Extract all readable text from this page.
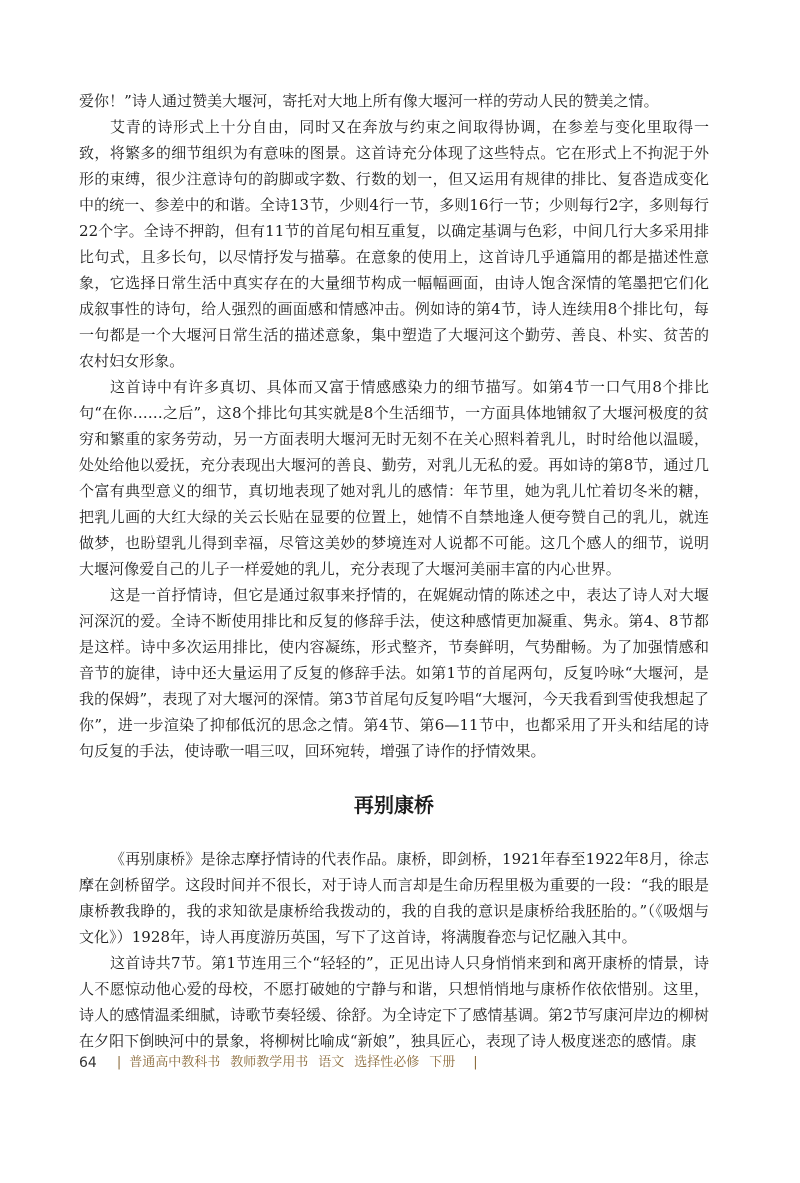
爱你！”诗人通过赞美大堰河，寄托对大地上所有像大堰河一样的劳动人民的赞美之情。

艾青的诗形式上十分自由，同时又在奔放与约束之间取得协调，在参差与变化里取得一致，将繁多的细节组织为有意味的图景。这首诗充分体现了这些特点。它在形式上不拘泥于外形的束缚，很少注意诗句的韵脚或字数、行数的划一，但又运用有规律的排比、复沓造成变化中的统一、参差中的和谐。全诗13节，少则4行一节，多则16行一节；少则每行2字，多则每行22个字。全诗不押韵，但有11节的首尾句相互重复，以确定基调与色彩，中间几行大多采用排比句式，且多长句，以尽情抒发与描摹。在意象的使用上，这首诗几乎通篇用的都是描述性意象，它选择日常生活中真实存在的大量细节构成一幅幅画面，由诗人饱含深情的笔墨把它们化成叙事性的诗句，给人强烈的画面感和情感冲击。例如诗的第4节，诗人连续用8个排比句，每一句都是一个大堰河日常生活的描述意象，集中塑造了大堰河这个勤劳、善良、朴实、贫苦的农村妇女形象。

这首诗中有许多真切、具体而又富于情感感染力的细节描写。如第4节一口气用8个排比句“在你……之后”，这8个排比句其实就是8个生活细节，一方面具体地铺叙了大堰河极度的贫穷和繁重的家务劳动，另一方面表明大堰河无时无刻不在关心照料着乳儿，时时给他以温暖，处处给他以爱抚，充分表现出大堰河的善良、勤劳，对乳儿无私的爱。再如诗的第8节，通过几个富有典型意义的细节，真切地表现了她对乳儿的感情：年节里，她为乳儿忙着切冬米的糖，把乳儿画的大红大绿的关云长贴在显要的位置上，她情不自禁地逢人便夸赞自己的乳儿，就连做梦，也盼望乳儿得到幸福，尽管这美妙的梦境连对人说都不可能。这几个感人的细节，说明大堰河像爱自己的儿子一样爱她的乳儿，充分表现了大堰河美丽丰富的内心世界。

这是一首抒情诗，但它是通过叙事来抒情的，在娓娓动情的陈述之中，表达了诗人对大堰河深沉的爱。全诗不断使用排比和反复的修辞手法，使这种感情更加凝重、隽永。第4、8节都是这样。诗中多次运用排比，使内容凝练，形式整齐，节奏鲜明，气势酣畅。为了加强情感和音节的旋律，诗中还大量运用了反复的修辞手法。如第1节的首尾两句，反复吟咏“大堰河，是我的保姆”，表现了对大堰河的深情。第3节首尾句反复吟唱“大堰河，今天我看到雪使我想起了你”，进一步渲染了抑郁低沉的思念之情。第4节、第6—11节中，也都采用了开头和结尾的诗句反复的手法，使诗歌一唱三叹，回环宛转，增强了诗作的抒情效果。

再别康桥

《再别康桥》是徐志摩抒情诗的代表作品。康桥，即剑桥，1921年春至1922年8月，徐志摩在剑桥留学。这段时间并不很长，对于诗人而言却是生命历程里极为重要的一段：“我的眼是康桥教我睁的，我的求知欲是康桥给我拨动的，我的自我的意识是康桥给我胚胎的。”（《吸烟与文化》）1928年，诗人再度游历英国，写下了这首诗，将满腹眷恋与记忆融入其中。

这首诗共7节。第1节连用三个“轻轻的”，正见出诗人只身悄悄来到和离开康桥的情景，诗人不愿惊动他心爱的母校，不愿打破她的宁静与和谐，只想悄悄地与康桥作依依惜别。这里，诗人的感情温柔细腻，诗歌节奏轻缓、徐舒。为全诗定下了感情基调。第2节写康河岸边的柳树在夕阳下倒映河中的景象，将柳树比喻成“新娘”，独具匠心，表现了诗人极度迷恋的感情。康

64 | 普通高中教科书 教师教学用书 语文 选择性必修 下册 |
